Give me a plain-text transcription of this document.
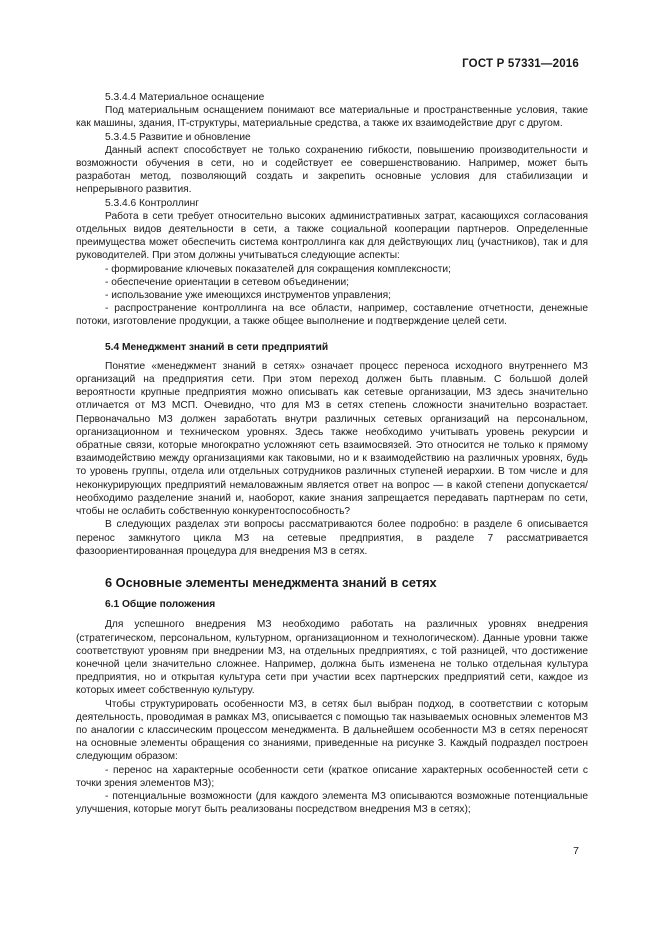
ГОСТ Р 57331—2016

5.3.4.4 Материальное оснащение

Под материальным оснащением понимают все материальные и пространственные условия, такие как машины, здания, IT-структуры, материальные средства, а также их взаимодействие друг с другом.

5.3.4.5 Развитие и обновление

Данный аспект способствует не только сохранению гибкости, повышению производительности и возможности обучения в сети, но и содействует ее совершенствованию. Например, может быть разработан метод, позволяющий создать и закрепить основные условия для стабилизации и непрерывного развития.

5.3.4.6 Контроллинг

Работа в сети требует относительно высоких административных затрат, касающихся согласования отдельных видов деятельности в сети, а также социальной кооперации партнеров. Определенные преимущества может обеспечить система контроллинга как для действующих лиц (участников), так и для руководителей. При этом должны учитываться следующие аспекты:

- формирование ключевых показателей для сокращения комплексности;

- обеспечение ориентации в сетевом объединении;

- использование уже имеющихся инструментов управления;

- распространение контроллинга на все области, например, составление отчетности, денежные потоки, изготовление продукции, а также общее выполнение и подтверждение целей сети.

5.4 Менеджмент знаний в сети предприятий

Понятие «менеджмент знаний в сетях» означает процесс переноса исходного внутреннего МЗ организаций на предприятия сети. При этом переход должен быть плавным. С большой долей вероятности крупные предприятия можно описывать как сетевые организации, МЗ здесь значительно отличается от МЗ МСП. Очевидно, что для МЗ в сетях степень сложности значительно возрастает. Первоначально МЗ должен заработать внутри различных сетевых организаций на персональном, организационном и техническом уровнях. Здесь также необходимо учитывать уровень рекурсии и обратные связи, которые многократно усложняют сеть взаимосвязей. Это относится не только к прямому взаимодействию между организациями как таковыми, но и к взаимодействию на различных уровнях, будь то уровень группы, отдела или отдельных сотрудников различных ступеней иерархии. В том числе и для неконкурирующих предприятий немаловажным является ответ на вопрос — в какой степени допускается/необходимо разделение знаний и, наоборот, какие знания запрещается передавать партнерам по сети, чтобы не ослабить собственную конкурентоспособность?

В следующих разделах эти вопросы рассматриваются более подробно: в разделе 6 описывается перенос замкнутого цикла МЗ на сетевые предприятия, в разделе 7 рассматривается фазоориентированная процедура для внедрения МЗ в сетях.

6 Основные элементы менеджмента знаний в сетях

6.1 Общие положения

Для успешного внедрения МЗ необходимо работать на различных уровнях внедрения (стратегическом, персональном, культурном, организационном и технологическом). Данные уровни также соответствуют уровням при внедрении МЗ, на отдельных предприятиях, с той разницей, что достижение конечной цели значительно сложнее. Например, должна быть изменена не только отдельная культура предприятия, но и открытая культура сети при участии всех партнерских предприятий сети, каждое из которых имеет собственную культуру.

Чтобы структурировать особенности МЗ, в сетях был выбран подход, в соответствии с которым деятельность, проводимая в рамках МЗ, описывается с помощью так называемых основных элементов МЗ по аналогии с классическим процессом менеджмента. В дальнейшем особенности МЗ в сетях переносят на основные элементы обращения со знаниями, приведенные на рисунке 3. Каждый подраздел построен следующим образом:

- перенос на характерные особенности сети (краткое описание характерных особенностей сети с точки зрения элементов МЗ);

- потенциальные возможности (для каждого элемента МЗ описываются возможные потенциальные улучшения, которые могут быть реализованы посредством внедрения МЗ в сетях);

7
